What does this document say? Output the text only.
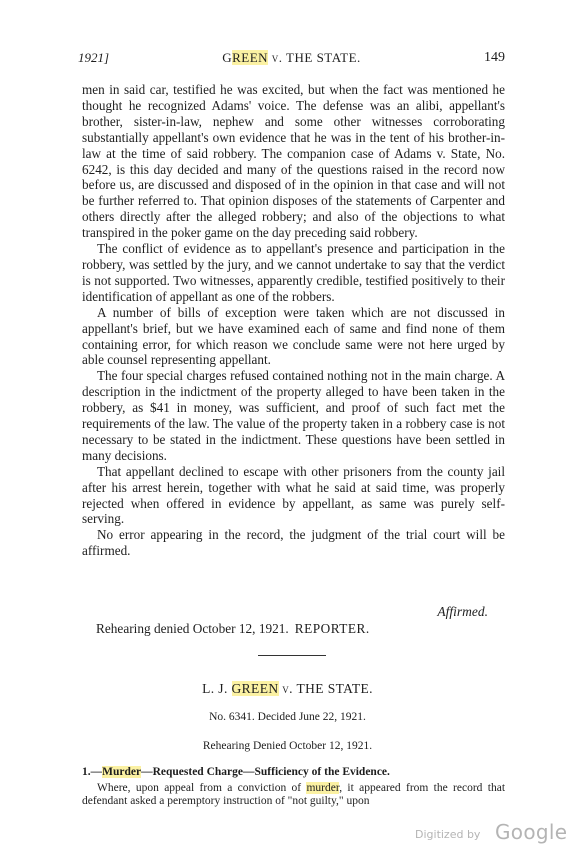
1921]	GREEN v. THE STATE.	149

men in said car, testified he was excited, but when the fact was mentioned he thought he recognized Adams' voice. The defense was an alibi, appellant's brother, sister-in-law, nephew and some other witnesses corroborating substantially appellant's own evidence that he was in the tent of his brother-in-law at the time of said robbery. The companion case of Adams v. State, No. 6242, is this day decided and many of the questions raised in the record now before us, are discussed and disposed of in the opinion in that case and will not be further referred to. That opinion disposes of the statements of Carpenter and others directly after the alleged robbery; and also of the objections to what transpired in the poker game on the day preceding said robbery.

The conflict of evidence as to appellant's presence and participation in the robbery, was settled by the jury, and we cannot undertake to say that the verdict is not supported. Two witnesses, apparently credible, testified positively to their identification of appellant as one of the robbers.

A number of bills of exception were taken which are not discussed in appellant's brief, but we have examined each of same and find none of them containing error, for which reason we conclude same were not here urged by able counsel representing appellant.

The four special charges refused contained nothing not in the main charge. A description in the indictment of the property alleged to have been taken in the robbery, as $41 in money, was sufficient, and proof of such fact met the requirements of the law. The value of the property taken in a robbery case is not necessary to be stated in the indictment. These questions have been settled in many decisions.

That appellant declined to escape with other prisoners from the county jail after his arrest herein, together with what he said at said time, was properly rejected when offered in evidence by appellant, as same was purely self-serving.

No error appearing in the record, the judgment of the trial court will be affirmed.

Affirmed.
Rehearing denied October 12, 1921. REPORTER.
L. J. GREEN v. THE STATE.
No. 6341. Decided June 22, 1921.
Rehearing Denied October 12, 1921.
1.—Murder—Requested Charge—Sufficiency of the Evidence.

Where, upon appeal from a conviction of murder, it appeared from the record that defendant asked a peremptory instruction of "not guilty," upon

Digitized by Google
